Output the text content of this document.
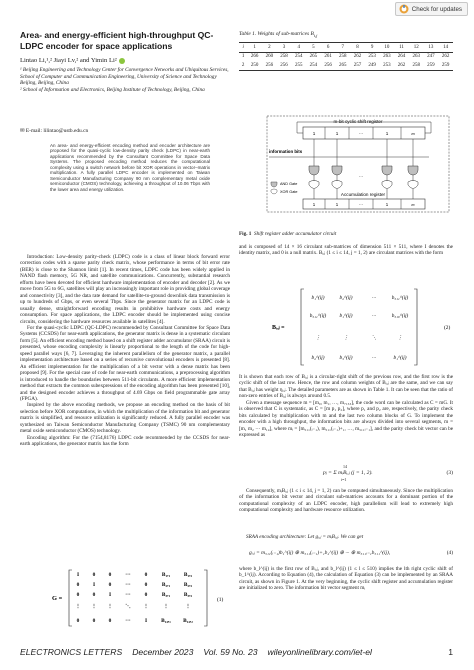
Check for updates
Area- and energy-efficient high-throughput QC-LDPC encoder for space applications
Lintao Li,¹,² Jiayi Lv,² and Yimin Li²

¹ Beijing Engineering and Technology Center for Convergence Networks and Ubiquitous Services, School of Computer and Communication Engineering, University of Science and Technology Beijing, Beijing, China

² School of Information and Electronics, Beijing Institute of Technology, Beijing, China

✉ E-mail: lilintao@ustb.edu.cn
An area- and energy-efficient encoding method and encoder architecture are proposed for the quasi-cyclic low-density parity check (LDPC) in near-earth applications recommended by the Consultant Committee for Space Data Systems. The proposed encoding method reduces the computational complexity using a switch network before bit XOR operations in vector–matrix multiplication. A fully parallel LDPC encoder is implemented on Taiwan Semiconductor Manufacturing Company 90 nm complementary metal oxide semiconductor (CMOS) technology, achieving a throughput of 10.06 Tbps with the lower area and energy utilization.

Introduction: Low-density parity-check (LDPC) code is a class of linear block forward error correction codes with a sparse parity check matrix, whose performance in terms of bit error rate (BER) is close to the Shannon limit [1]. In recent times, LDPC code has been widely applied in NAND flash memory, 5G NR, and satellite communications. Concurrently, substantial research efforts have been devoted for efficient hardware implementation of encoder and decoder [2]. As we move from 5G to 6G, satellites will play an increasingly important role in providing global coverage and connectivity [3], and the data rate demand for satellite-to-ground downlink data transmission is up to hundreds of Gbps, or even several Tbps. Since the generator matrix for an LDPC code is usually dense, straightforward encoding results in prohibitive hardware costs and energy consumption. For space applications, the LDPC encoder should be implemented using concise circuits, considering the hardware resources available in satellites [4].

For the quasi-cyclic LDPC (QC-LDPC) recommended by Consultant Committee for Space Data Systems (CCSDS) for near-earth applications, the generator matrix is dense in a systematic circulant form [5]. An efficient encoding method based on a shift register adder accumulator (SRAA) circuit is presented, whose encoding complexity is linearly proportional to the length of the code for high-speed parallel ways [6, 7]. Leveraging the inherent parallelism of the generator matrix, a parallel implementation architecture based on a series of recursive convolutional encoders is presented [8]. An efficient implementation for the multiplication of a bit vector with a dense matrix has been proposed [9]. For the special case of code for near-earth communications, a preprocessing algorithm is introduced to handle the boundaries between 511-bit circulants. A more efficient implementation method that extracts the common subexpressions of the encoding algorithm has been presented [10], and the designed encoder achieves a throughput of 4.69 Gbps on field programmable gate array (FPGA).

Inspired by the above encoding methods, we propose an encoding method on the basis of bit selection before XOR computations, in which the multiplication of the information bit and generator matrix is simplified, and resource utilization is significantly reduced. A fully parallel encoder was synthesized on Taiwan Semiconductor Manufacturing Company (TSMC) 90 nm complementary metal oxide semiconductor (CMOS) technology.

Encoding algorithm: For the (7154,8176) LDPC code recommended by the CCSDS for near-earth applications, the generator matrix has the form

G =
I	0 0	···	0	B₁,₁	B₁,₂
0	I	0	···	0	B₂,₁	B₂,₂
0 0	I	···	0	B₃,₁	B₃,₂
⋮ ⋮ ⋮ ⋱ ⋮	⋮	⋮
0 0 0	···	I	B₁₄,₁ B₁₄,₂
(1)
Table 1. Weights of sub-matrices $B_{i,j}$
i	1	2	3	4	5	6	7	8	9	10	11	12	13	14
1	266	260	258	254	265	261	258	262	253	263	264	263	247	262
2	250	256	256	255	254	256	265	257	249	253	262	258	259	259
m-bit cyclic shift register
1	1	···	1	m
information bits
···
Accumulation register
1	1	···	1	m
AND Gate
XOR Gate
Fig. 1 Shift register adder accumulator circuit

and is composed of 14 × 16 circulant sub-matrices of dimension 511 × 511, where I denotes the identity matrix, and 0 is a null matrix. Bᵢ,ⱼ (1 ≤ i ≤ 14, j = 1, 2) are circulant matrices with the form

Bᵢ,ⱼ =
b₁^(ij)	b₂^(ij)	···	b₅₁₁^(ij)
b₅₁₁^(ij)	b₁^(ij)	···	b₅₁₀^(ij)
⋮	⋮	⋱	⋮
b₂^(ij)	b₃^(ij)	···	b₁^(ij)
(2)

It is shown that each row of Bᵢ,ⱼ is a circular-right shift of the previous row, and the first row is the cyclic shift of the last row. Hence, the row and column weights of Bᵢ,ⱼ are the same, and we can say that Bᵢ,ⱼ has weight ηᵢ,ⱼ. The detailed parameters are as shown in Table 1. It can be seen that the ratio of non-zero entries of Bᵢ,ⱼ is always around 0.5.

Given a message sequence m = [m₀, m₁, …, m₇₁₅₃], the code word can be calculated as C = mG. It is observed that C is systematic, as C = [m p₁ p₂], where p₁ and p₂ are, respectively, the parity check bits calculated by multiplication with m and the last two column blocks of G. To implement the encoder with a high throughput, the information bits are always divided into several segments, m = [m₁ m₂ ··· m₁₄], where mᵢ = [m₅₁₁(ᵢ₋₁), m₅₁₁(ᵢ₋₁)+₁, …, m₅₁₁ᵢ₋₁], and the parity check bit vector can be expressed as

14
i=1
pⱼ = Σ mᵢBᵢ,ⱼ (j = 1, 2).	(3)

Consequently, mᵢBᵢ,ⱼ (1 ≤ i ≤ 14, j = 1, 2) can be computed simultaneously. Since the multiplication of the information bit vector and circulant sub-matrices accounts for a dominant portion of the computational complexity of an LDPC encoder, high parallelism will lead to extremely high computational complexity and hardware resource utilization.

SRAA encoding architecture: Let gᵢ,ⱼ = mᵢBᵢ,ⱼ. We can get

gᵢ,ⱼ = m₅₁₁(ᵢ₋₁)b₁^(ij) ⊕ m₅₁₁(ᵢ₋₁)+₁b₂^(ij) ⊕ ··· ⊕ m₅₁₁ᵢ₋₁b₅₁₁^(ij),	(4)

where b_l^(ij) is the first row of Bᵢ,ⱼ, and b_l^(ij) (1 ≤ l ≤ 510) implies the lth right cyclic shift of b_1^(ij). According to Equation (4), the calculation of Equation (3) can be implemented by an SRAA circuit, as shown in Figure 1. At the very beginning, the cyclic shift register and accumulation register are initialized to zero. The information bit vector segment mᵢ

ELECTRONICS LETTERS December 2023 Vol. 59 No. 23 wileyonlinelibrary.com/iet-el	1
